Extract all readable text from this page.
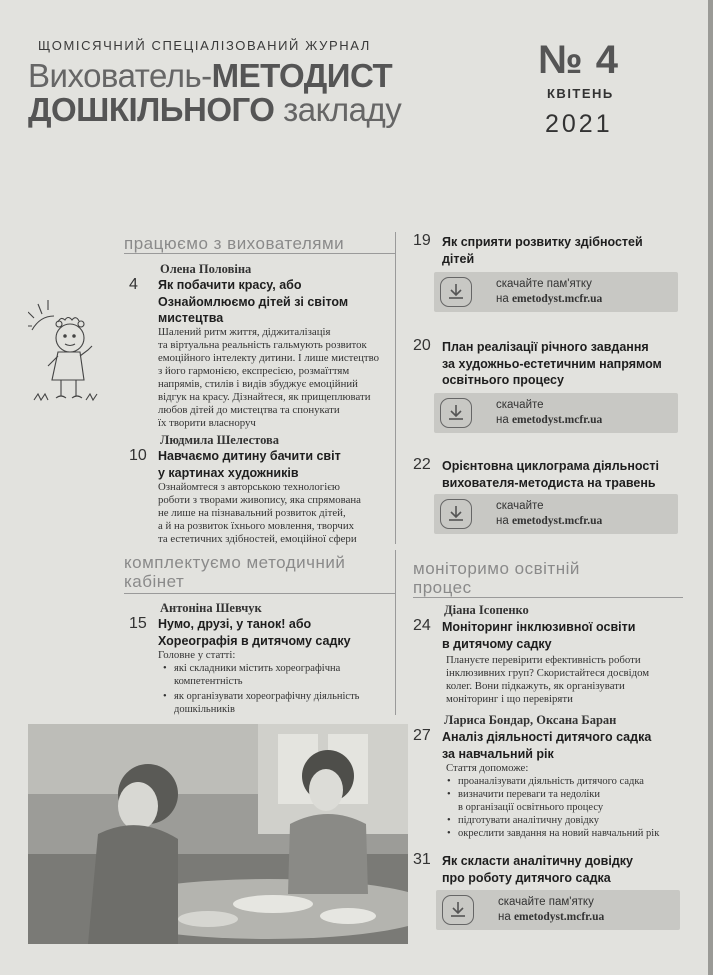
ЩОМІСЯЧНИЙ СПЕЦІАЛІЗОВАНИЙ ЖУРНАЛ
Вихователь-МЕТОДИСТ
ДОШКІЛЬНОГО закладу
№ 4
КВІТЕНЬ
2021
працюємо з вихователями
Олена Половіна
4 Як побачити красу, або
Ознайомлюємо дітей зі світом
мистецтва
Шалений ритм життя, діджиталізація
та віртуальна реальність гальмують розвиток
емоційного інтелекту дитини. І лише мистецтво
з його гармонією, експресією, розмаїттям
напрямів, стилів і видів збуджує емоційний
відгук на красу. Дізнайтеся, як прищеплювати
любов дітей до мистецтва та спонукати
їх творити власноруч
Людмила Шелестова
10 Навчаємо дитину бачити світ
у картинах художників
Ознайомтеся з авторською технологією
роботи з творами живопису, яка спрямована
не лише на пізнавальний розвиток дітей,
а й на розвиток їхнього мовлення, творчих
та естетичних здібностей, емоційної сфери
комплектуємо методичний
кабінет
Антоніна Шевчук
15 Нумо, друзі, у танок! або
Хореографія в дитячому садку
Головне у статті:
• які складники містить хореографічна
компетентність
• як організувати хореографічну діяльність
дошкільників
19 Як сприяти розвитку здібностей
дітей
скачайте пам'ятку
на emetodyst.mcfr.ua
20 План реалізації річного завдання
за художньо-естетичним напрямом
освітнього процесу
скачайте
на emetodyst.mcfr.ua
22 Орієнтовна циклограма діяльності
вихователя-методиста на травень
скачайте
на emetodyst.mcfr.ua
моніторимо освітній
процес
Діана Ісопенко
24 Моніторинг інклюзивної освіти
в дитячому садку
Плануєте перевірити ефективність роботи
інклюзивних груп? Скористайтеся досвідом
колег. Вони підкажуть, як організувати
моніторинг і що перевіряти
Лариса Бондар, Оксана Баран
27 Аналіз діяльності дитячого садка
за навчальний рік
Стаття допоможе:
• проаналізувати діяльність дитячого садка
• визначити переваги та недоліки
в організації освітнього процесу
• підготувати аналітичну довідку
• окреслити завдання на новий навчальний рік
31 Як скласти аналітичну довідку
про роботу дитячого садка
скачайте пам'ятку
на emetodyst.mcfr.ua
